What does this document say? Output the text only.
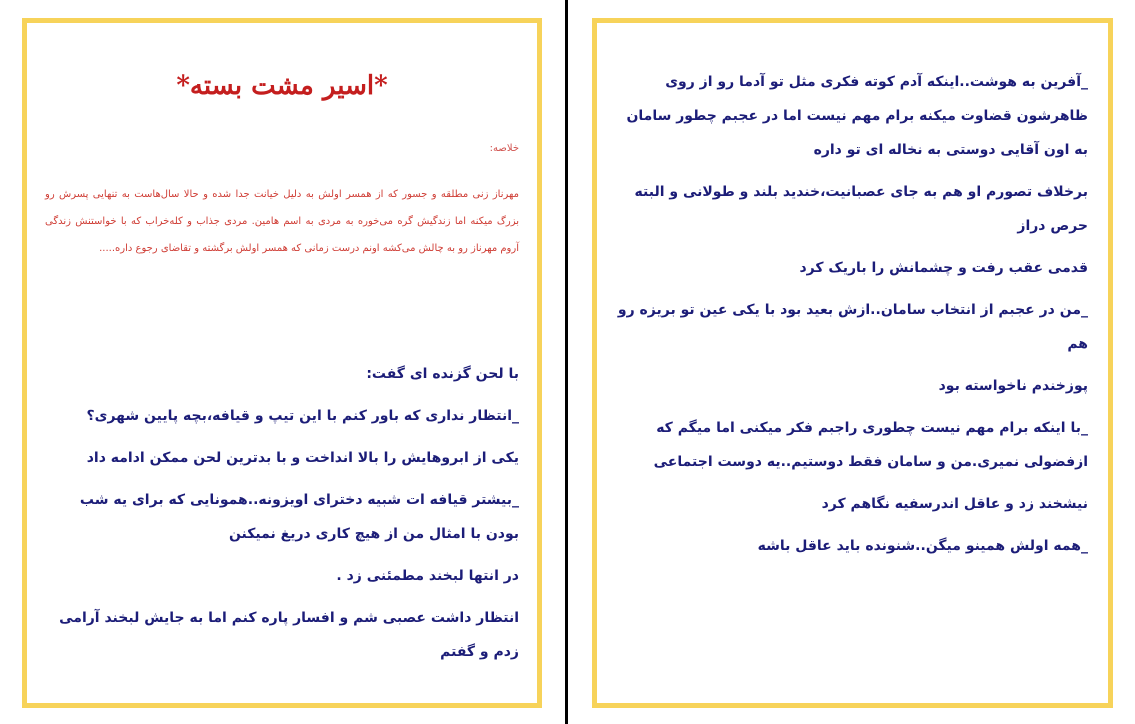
*اسیر مشت بسته*
خلاصه:
مهرناز زنی مطلقه و جسور که از همسر اولش به دلیل خیانت جدا شده و حالا سال‌هاست به تنهایی پسرش رو بزرگ میکنه اما زندگیش گره می‌خوره به مردی به اسم هامین. مردی جذاب و کله‌خراب که با خواستنش زندگی آروم مهرناز رو به چالش می‌کشه اونم درست زمانی که همسر اولش برگشته و تقاضای رجوع داره.....

با لحن گزنده ای گفت:

_انتظار نداری که باور کنم با این تیپ و قیافه،بچه پایین شهری؟

یکی از ابروهایش را بالا انداخت و با بدترین لحن ممکن ادامه داد

_بیشتر قیافه ات شبیه دخترای اویزونه..همونایی که برای یه شب بودن با امثال من از هیچ کاری دریغ نمیکنن

در انتها لبخند مطمئنی زد .

انتظار داشت عصبی شم و افسار پاره کنم اما به جایش لبخند آرامی زدم و گفتم

_آفرین به هوشت..اینکه آدم کوته فکری مثل تو آدما رو از روی ظاهرشون قضاوت میکنه برام مهم نیست اما در عجبم چطور سامان به اون آقایی دوستی به نخاله ای تو داره

برخلاف تصورم او هم به جای عصبانیت،خندید بلند و طولانی و البته حرص دراز

قدمی عقب رفت و چشمانش را باریک کرد

_من در عجبم از انتخاب سامان..ازش بعید بود با یکی عین تو بریزه رو هم

پوزخندم ناخواسته بود

_با اینکه برام مهم نیست چطوری راجبم فکر میکنی اما میگم که ازفضولی نمیری.من و سامان فقط دوستیم..یه دوست اجتماعی

نیشخند زد و عاقل اندرسفیه نگاهم کرد

_همه اولش همینو میگن..شنونده باید عاقل باشه
